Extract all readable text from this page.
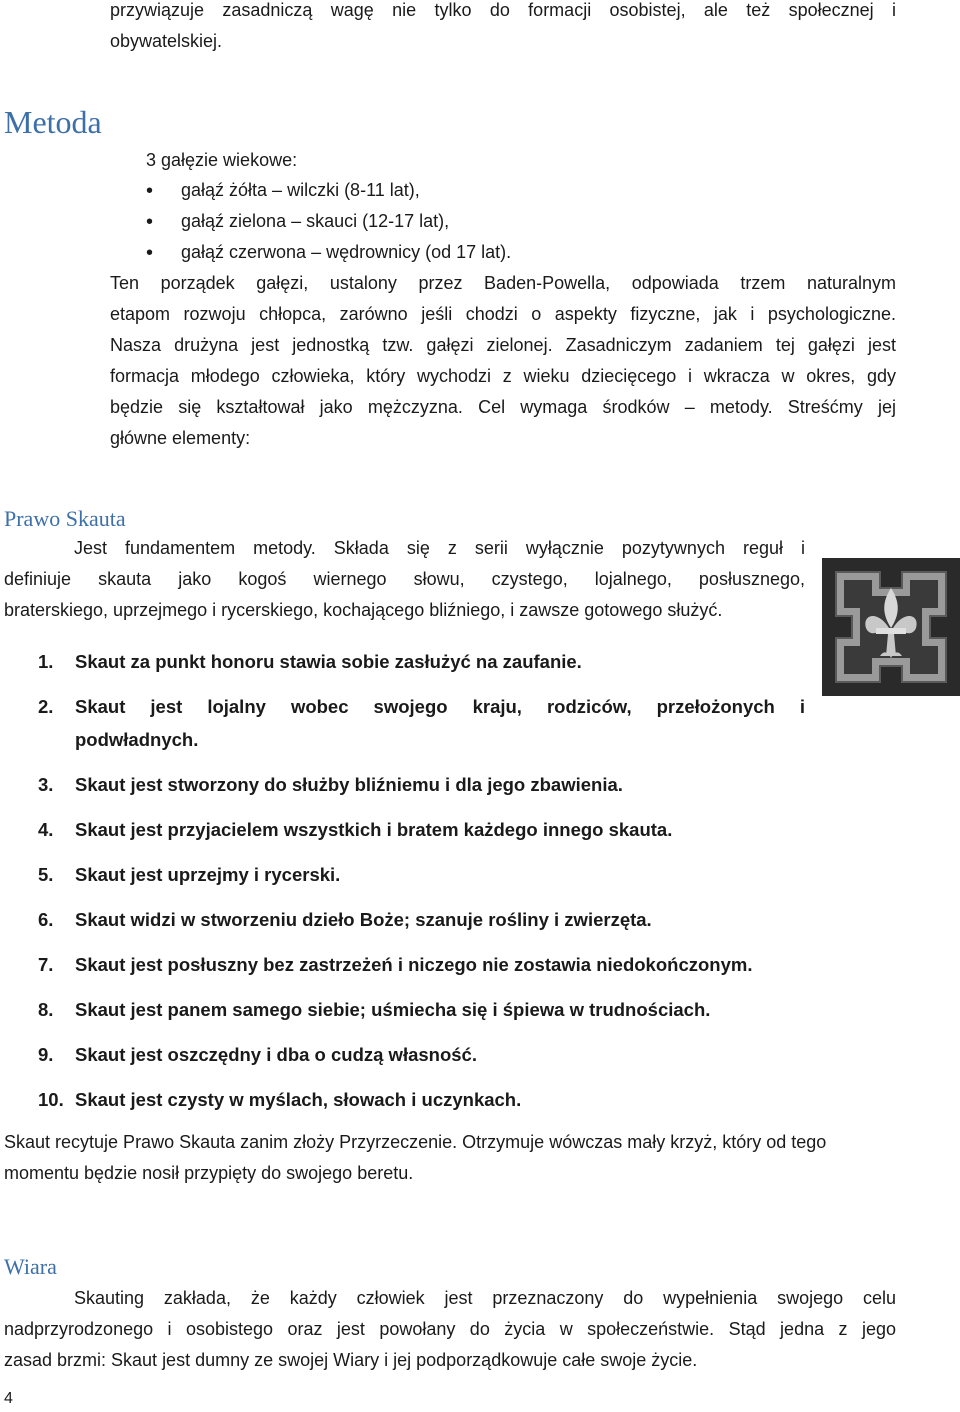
przywiązuje zasadniczą wagę nie tylko do formacji osobistej, ale też społecznej i
obywatelskiej.
Metoda
3 gałęzie wiekowe:
• gałąź żółta – wilczki (8-11 lat),
• gałąź zielona – skauci (12-17 lat),
• gałąź czerwona – wędrownicy (od 17 lat).
Ten porządek gałęzi, ustalony przez Baden-Powella, odpowiada trzem naturalnym
etapom rozwoju chłopca, zarówno jeśli chodzi o aspekty fizyczne, jak i psychologiczne.
Nasza drużyna jest jednostką tzw. gałęzi zielonej. Zasadniczym zadaniem tej gałęzi jest
formacja młodego człowieka, który wychodzi z wieku dziecięcego i wkracza w okres, gdy
będzie się kształtował jako mężczyzna. Cel wymaga środków – metody. Streśćmy jej
główne elementy:
Prawo Skauta
Jest fundamentem metody. Składa się z serii wyłącznie pozytywnych reguł i
definiuje skauta jako kogoś wiernego słowu, czystego, lojalnego, posłusznego,
braterskiego, uprzejmego i rycerskiego, kochającego bliźniego, i zawsze gotowego służyć.
1. Skaut za punkt honoru stawia sobie zasłużyć na zaufanie.
2. Skaut jest lojalny wobec swojego kraju, rodziców, przełożonych i
podwładnych.
3. Skaut jest stworzony do służby bliźniemu i dla jego zbawienia.
4. Skaut jest przyjacielem wszystkich i bratem każdego innego skauta.
5. Skaut jest uprzejmy i rycerski.
6. Skaut widzi w stworzeniu dzieło Boże; szanuje rośliny i zwierzęta.
7. Skaut jest posłuszny bez zastrzeżeń i niczego nie zostawia niedokończonym.
8. Skaut jest panem samego siebie; uśmiecha się i śpiewa w trudnościach.
9. Skaut jest oszczędny i dba o cudzą własność.
10. Skaut jest czysty w myślach, słowach i uczynkach.
Skaut recytuje Prawo Skauta zanim złoży Przyrzeczenie. Otrzymuje wówczas mały krzyż, który od tego
momentu będzie nosił przypięty do swojego beretu.
Wiara
Skauting zakłada, że każdy człowiek jest przeznaczony do wypełnienia swojego celu
nadprzyrodzonego i osobistego oraz jest powołany do życia w społeczeństwie. Stąd jedna z jego
zasad brzmi: Skaut jest dumny ze swojej Wiary i jej podporządkowuje całe swoje życie.
4
